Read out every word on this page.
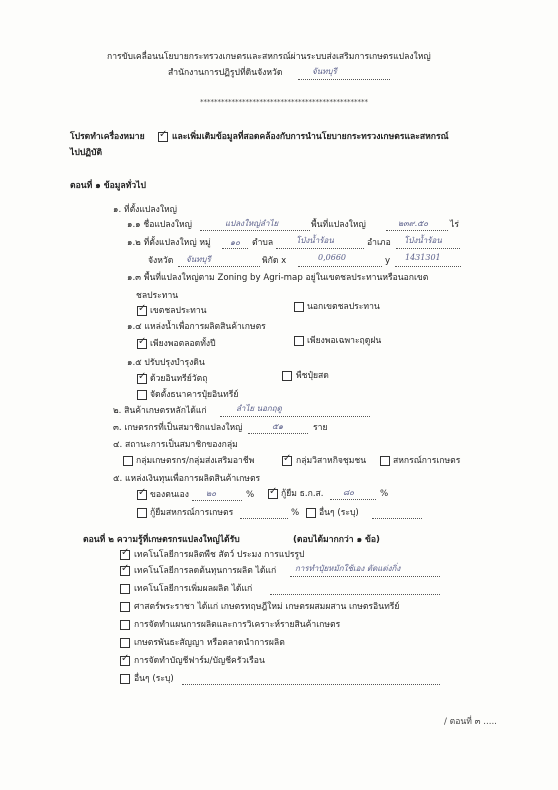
การขับเคลื่อนนโยบายกระทรวงเกษตรและสหกรณ์ผ่านระบบส่งเสริมการเกษตรแปลงใหญ่
สำนักงานการปฏิรูปที่ดินจังหวัด	จันทบุรี
************************************************
โปรดทำเครื่องหมาย ✓ และเพิ่มเติมข้อมูลที่สอดคล้องกับการนำนโยบายกระทรวงเกษตรและสหกรณ์
ไปปฏิบัติ
ตอนที่ ๑ ข้อมูลทั่วไป
๑. ที่ตั้งแปลงใหญ่
๑.๑ ชื่อแปลงใหญ่	แปลงใหญ่ลำไย	พื้นที่แปลงใหญ่	๒๓๙.๕๐	ไร่
๑.๒ ที่ตั้งแปลงใหญ่ หมู่ ๑๐ ตำบล	โป่งน้ำร้อน	อำเภอ โป่งน้ำร้อน
จังหวัด จันทบุรี	พิกัด x	0,0660	y 1431301
๑.๓ พื้นที่แปลงใหญ่ตาม Zoning by Agri-map อยู่ในเขตชลประทานหรือนอกเขต
ชลประทาน
✓ เขตชลประทาน	นอกเขตชลประทาน
๑.๔ แหล่งน้ำเพื่อการผลิตสินค้าเกษตร
✓ เพียงพอตลอดทั้งปี	เพียงพอเฉพาะฤดูฝน
๑.๕ ปรับปรุงบำรุงดิน
✓ ด้วยอินทรีย์วัตถุ	พืชปุ๋ยสด
จัดตั้งธนาคารปุ๋ยอินทรีย์
๒. สินค้าเกษตรหลักได้แก่	ลำไย นอกฤดู
๓. เกษตรกรที่เป็นสมาชิกแปลงใหญ่	๕๑	ราย
๔. สถานะการเป็นสมาชิกของกลุ่ม
กลุ่มเกษตรกร/กลุ่มส่งเสริมอาชีพ	✓ กลุ่มวิสาหกิจชุมชน	สหกรณ์การเกษตร
๕. แหล่งเงินทุนเพื่อการผลิตสินค้าเกษตร
✓ ของตนเอง ๒๐	% ✓ กู้ยืม ธ.ก.ส. ๘๐	%
กู้ยืมสหกรณ์การเกษตร	% อื่นๆ (ระบุ)
ตอนที่ ๒ ความรู้ที่เกษตรกรแปลงใหญ่ได้รับ	(ตอบได้มากกว่า ๑ ข้อ)
✓ เทคโนโลยีการผลิตพืช สัตว์ ประมง การแปรรูป
✓ เทคโนโลยีการลดต้นทุนการผลิต ได้แก่ การทำปุ๋ยหมักใช้เอง ตัดแต่งกิ่ง
เทคโนโลยีการเพิ่มผลผลิต ได้แก่
ศาสตร์พระราชา ได้แก่ เกษตรทฤษฎีใหม่ เกษตรผสมผสาน เกษตรอินทรีย์
การจัดทำแผนการผลิตและการวิเคราะห์รายสินค้าเกษตร
เกษตรพันธะสัญญา หรือตลาดนำการผลิต
✓ การจัดทำบัญชีฟาร์ม/บัญชีครัวเรือน
อื่นๆ (ระบุ)
/ ตอนที่ ๓ .....
